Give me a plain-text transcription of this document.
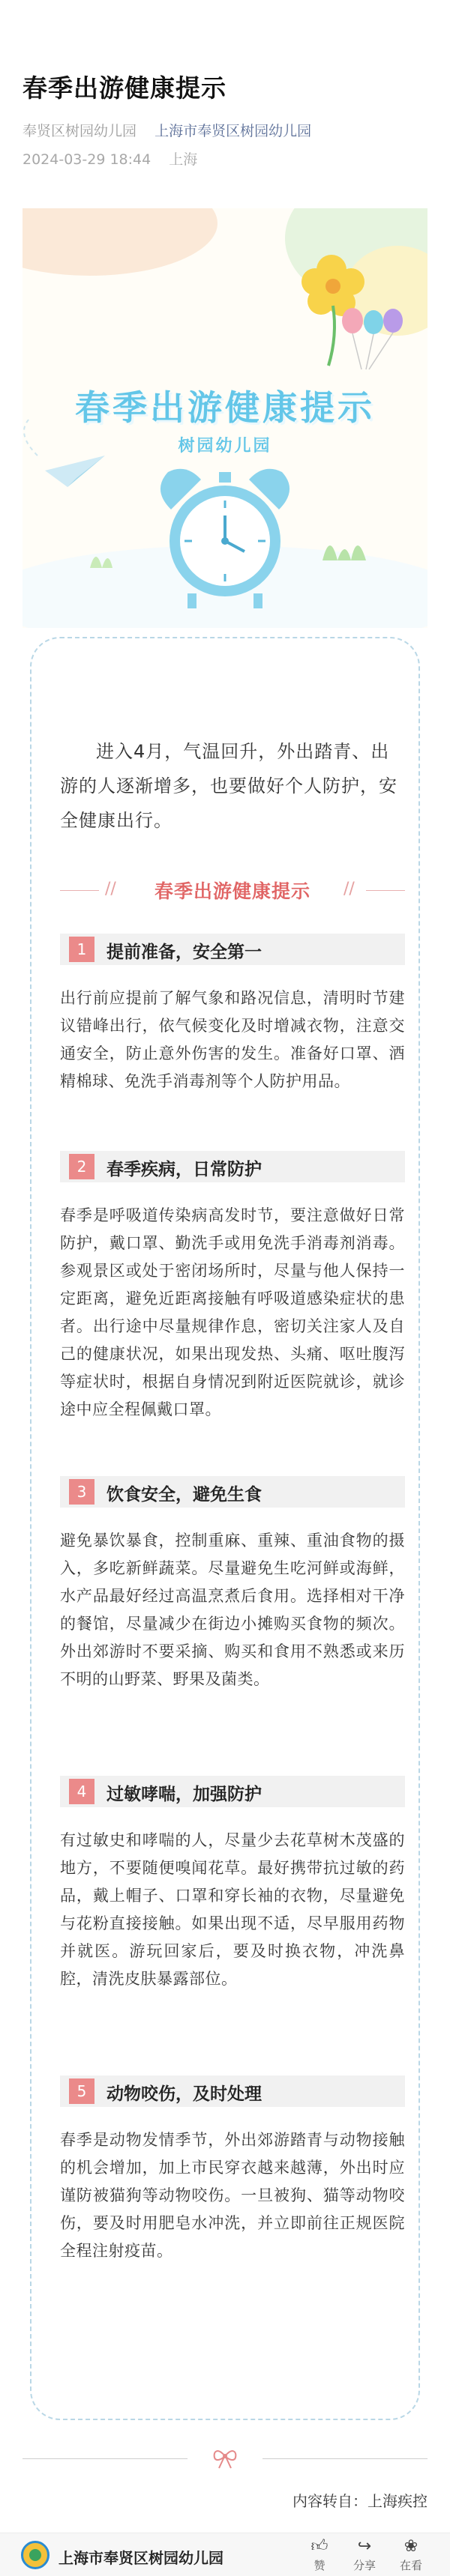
春季出游健康提示
奉贤区树园幼儿园 上海市奉贤区树园幼儿园
2024-03-29 18:44 上海
春季出游健康提示
树园幼儿园

进入4月，气温回升，外出踏青、出游的人逐渐增多，也要做好个人防护，安全健康出行。

//	春季出游健康提示	//
1	提前准备，安全第一

出行前应提前了解气象和路况信息，清明时节建议错峰出行，依气候变化及时增减衣物，注意交通安全，防止意外伤害的发生。准备好口罩、酒精棉球、免洗手消毒剂等个人防护用品。

2	春季疾病，日常防护

春季是呼吸道传染病高发时节，要注意做好日常防护，戴口罩、勤洗手或用免洗手消毒剂消毒。参观景区或处于密闭场所时，尽量与他人保持一定距离，避免近距离接触有呼吸道感染症状的患者。出行途中尽量规律作息，密切关注家人及自己的健康状况，如果出现发热、头痛、呕吐腹泻等症状时，根据自身情况到附近医院就诊，就诊途中应全程佩戴口罩。

3	饮食安全，避免生食

避免暴饮暴食，控制重麻、重辣、重油食物的摄入，多吃新鲜蔬菜。尽量避免生吃河鲜或海鲜，水产品最好经过高温烹煮后食用。选择相对干净的餐馆，尽量减少在街边小摊购买食物的频次。外出郊游时不要采摘、购买和食用不熟悉或来历不明的山野菜、野果及菌类。

4	过敏哮喘，加强防护

有过敏史和哮喘的人，尽量少去花草树木茂盛的地方，不要随便嗅闻花草。最好携带抗过敏的药品，戴上帽子、口罩和穿长袖的衣物，尽量避免与花粉直接接触。如果出现不适，尽早服用药物并就医。游玩回家后，要及时换衣物，冲洗鼻腔，清洗皮肤暴露部位。

5	动物咬伤，及时处理

春季是动物发情季节，外出郊游踏青与动物接触的机会增加，加上市民穿衣越来越薄，外出时应谨防被猫狗等动物咬伤。一旦被狗、猫等动物咬伤，要及时用肥皂水冲洗，并立即前往正规医院全程注射疫苗。

内容转自：上海疾控
上海市奉贤区树园幼儿园
👍︎
赞
↪
分享
❀
在看
